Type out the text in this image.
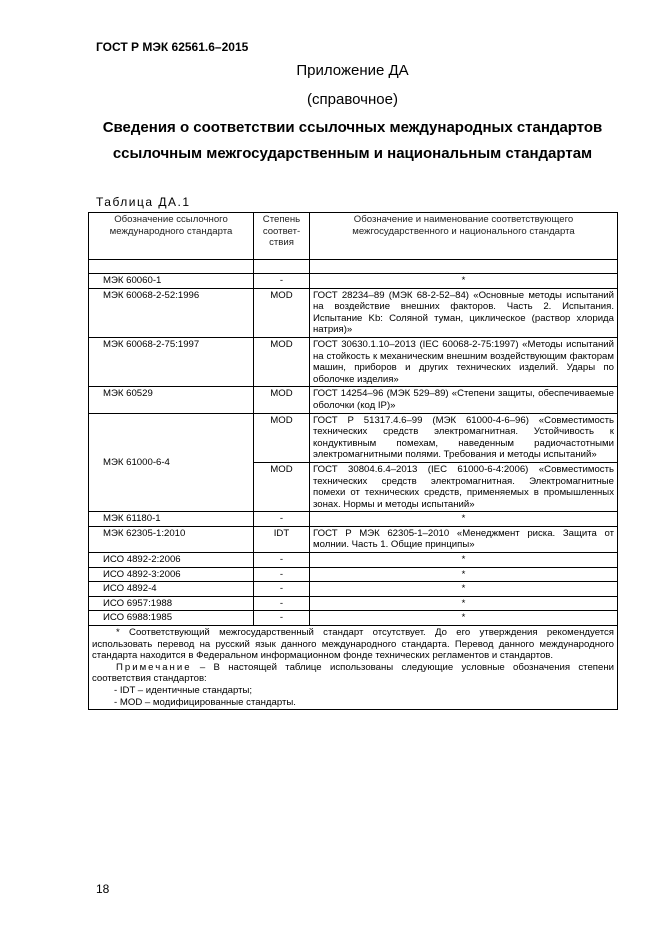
ГОСТ Р МЭК 62561.6–2015
Приложение ДА
(справочное)
Сведения о соответствии ссылочных международных стандартов
ссылочным межгосударственным и национальным стандартам
Таблица ДА.1
Обозначение ссылочного международного стандарта	Степень соответ-ствия	Обозначение и наименование соответствующего межгосударственного и национального стандарта

МЭК 60060-1	-	*
МЭК 60068-2-52:1996	MOD	ГОСТ 28234–89 (МЭК 68-2-52–84) «Основные методы испытаний на воздействие внешних факторов. Часть 2. Испытания. Испытание Kb: Соляной туман, циклическое (раствор хлорида натрия)»
МЭК 60068-2-75:1997	MOD	ГОСТ 30630.1.10–2013 (IEC 60068-2-75:1997) «Методы испытаний на стойкость к механическим внешним воздействующим факторам машин, приборов и других технических изделий. Удары по оболочке изделия»
МЭК 60529	MOD	ГОСТ 14254–96 (МЭК 529–89) «Степени защиты, обеспечиваемые оболочки (код IP)»
МЭК 61000-6-4	MOD	ГОСТ Р 51317.4.6–99 (МЭК 61000-4-6–96) «Совместимость технических средств электромагнитная. Устойчивость к кондуктивным помехам, наведенным радиочастотными электромагнитными полями. Требования и методы испытаний»
	MOD	ГОСТ 30804.6.4–2013 (IEC 61000-6-4:2006) «Совместимость технических средств электромагнитная. Электромагнитные помехи от технических средств, применяемых в промышленных зонах. Нормы и методы испытаний»
МЭК 61180-1	-	*
МЭК 62305-1:2010	IDT	ГОСТ Р МЭК 62305-1–2010 «Менеджмент риска. Защита от молнии. Часть 1. Общие принципы»
ИСО 4892-2:2006	-	*
ИСО 4892-3:2006	-	*
ИСО 4892-4	-	*
ИСО 6957:1988	-	*
ИСО 6988:1985	-	*

* Соответствующий межгосударственный стандарт отсутствует. До его утверждения рекомендуется использовать перевод на русский язык данного международного стандарта. Перевод данного международного стандарта находится в Федеральном информационном фонде технических регламентов и стандартов.

Примечание – В настоящей таблице использованы следующие условные обозначения степени соответствия стандартов:

- IDT – идентичные стандарты;

- MOD – модифицированные стандарты.		

18
